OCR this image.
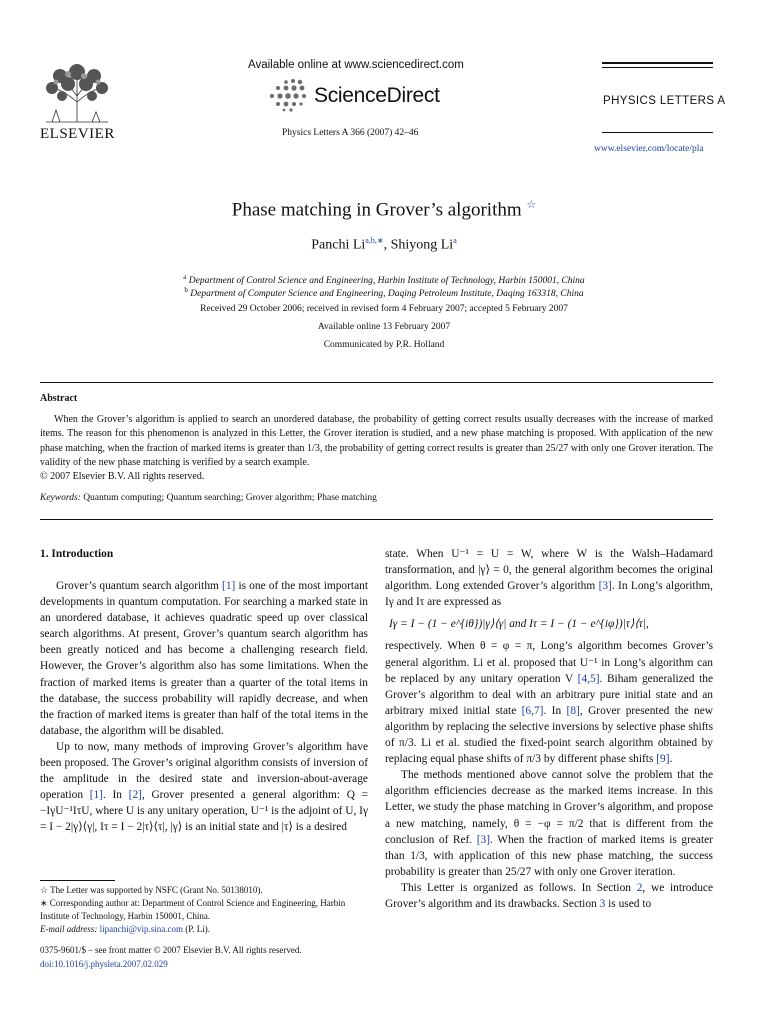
ELSEVIER
Available online at www.sciencedirect.com
ScienceDirect
Physics Letters A 366 (2007) 42–46
PHYSICS LETTERS A
www.elsevier.com/locate/pla
Phase matching in Grover’s algorithm ☆
Panchi $Li^{a,b,∗}$, Shiyong Li$^a$
$^a$ Department of Control Science and Engineering, Harbin Institute of Technology, Harbin 150001, China
$^b$ Department of Computer Science and Engineering, Daqing Petroleum Institute, Daqing 163318, China
Received 29 October 2006; received in revised form 4 February 2007; accepted 5 February 2007
Available online 13 February 2007
Communicated by P.R. Holland
Abstract
When the Grover’s algorithm is applied to search an unordered database, the probability of getting correct results usually decreases with the increase of marked items. The reason for this phenomenon is analyzed in this Letter, the Grover iteration is studied, and a new phase matching is proposed. With application of the new phase matching, when the fraction of marked items is greater than 1/3, the probability of getting correct results is greater than 25/27 with only one Grover iteration. The validity of the new phase matching is verified by a search example.
© 2007 Elsevier B.V. All rights reserved.
Keywords: Quantum computing; Quantum searching; Grover algorithm; Phase matching
1. Introduction

Grover’s quantum search algorithm [1] is one of the most important developments in quantum computation. For searching a marked state in an unordered database, it achieves quadratic speed up over classical search algorithms. At present, Grover’s quantum search algorithm has been greatly noticed and has become a challenging research field. However, the Grover’s algorithm also has some limitations. When the fraction of marked items is greater than a quarter of the total items in the database, the success probability will rapidly decrease, and when the fraction of marked items is greater than half of the total items in the database, the algorithm will be disabled.

Up to now, many methods of improving Grover’s algorithm have been proposed. The Grover’s original algorithm consists of inversion of the amplitude in the desired state and inversion-about-average operation [1]. In [2], Grover presented a general algorithm: Q = −IγU⁻¹IτU, where U is any unitary operation, U⁻¹ is the adjoint of U, Iγ = I − 2|γ⟩⟨γ|, Iτ = I − 2|τ⟩⟨τ|, |γ⟩ is an initial state and |τ⟩ is a desired

state. When U⁻¹ = U = W, where W is the Walsh–Hadamard transformation, and |γ⟩ = 0, the general algorithm becomes the original algorithm. Long extended Grover’s algorithm [3]. In Long’s algorithm, Iγ and Iτ are expressed as

Iγ = I − (1 − e^{iθ})|γ⟩⟨γ| and Iτ = I − (1 − e^{iφ})|τ⟩⟨τ|,

respectively. When θ = φ = π, Long’s algorithm becomes Grover’s general algorithm. Li et al. proposed that U⁻¹ in Long’s algorithm can be replaced by any unitary operation V [4,5]. Biham generalized the Grover’s algorithm to deal with an arbitrary pure initial state and an arbitrary mixed initial state [6,7]. In [8], Grover presented the new algorithm by replacing the selective inversions by selective phase shifts of π/3. Li et al. studied the fixed-point search algorithm obtained by replacing equal phase shifts of π/3 by different phase shifts [9].

The methods mentioned above cannot solve the problem that the algorithm efficiencies decrease as the marked items increase. In this Letter, we study the phase matching in Grover’s algorithm, and propose a new matching, namely, θ = −φ = π/2 that is different from the conclusion of Ref. [3]. When the fraction of marked items is greater than 1/3, with application of this new phase matching, the success probability is greater than 25/27 with only one Grover iteration.

This Letter is organized as follows. In Section 2, we introduce Grover’s algorithm and its drawbacks. Section 3 is used to

☆ The Letter was supported by NSFC (Grant No. 50138010).
∗ Corresponding author at: Department of Control Science and Engineering, Harbin Institute of Technology, Harbin 150001, China.
E-mail address: lipanchi@vip.sina.com (P. Li).
0375-9601/$ – see front matter © 2007 Elsevier B.V. All rights reserved.
doi:10.1016/j.physleta.2007.02.029
